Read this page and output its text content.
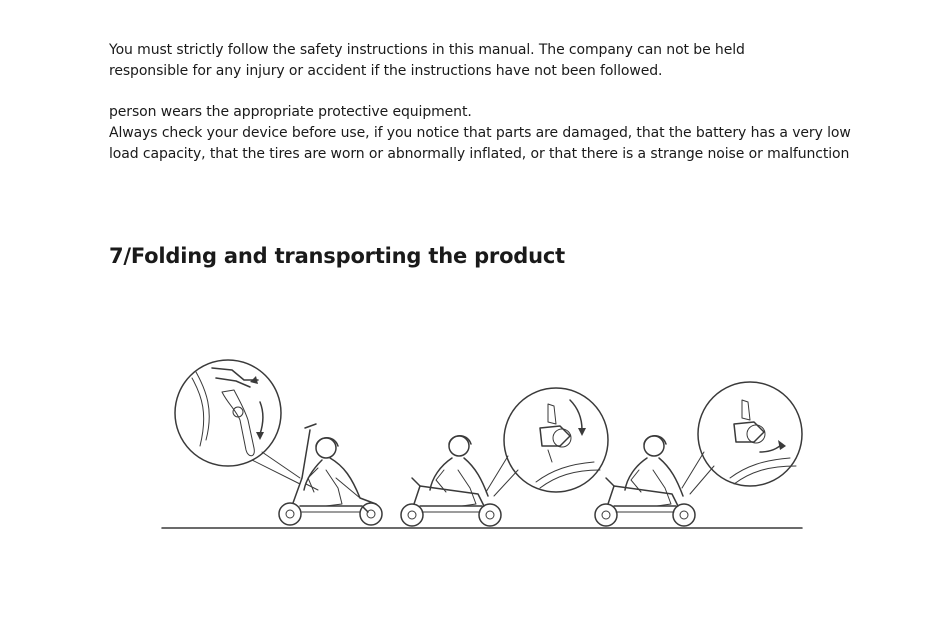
You must strictly follow the safety instructions in this manual. The company can not be held
responsible for any injury or accident if the instructions have not been followed.
person wears the appropriate protective equipment.
Always check your device before use, if you notice that parts are damaged, that the battery has a very low
load capacity, that the tires are worn or abnormally inflated, or that there is a strange noise or malfunction
7/Folding and transporting the product
